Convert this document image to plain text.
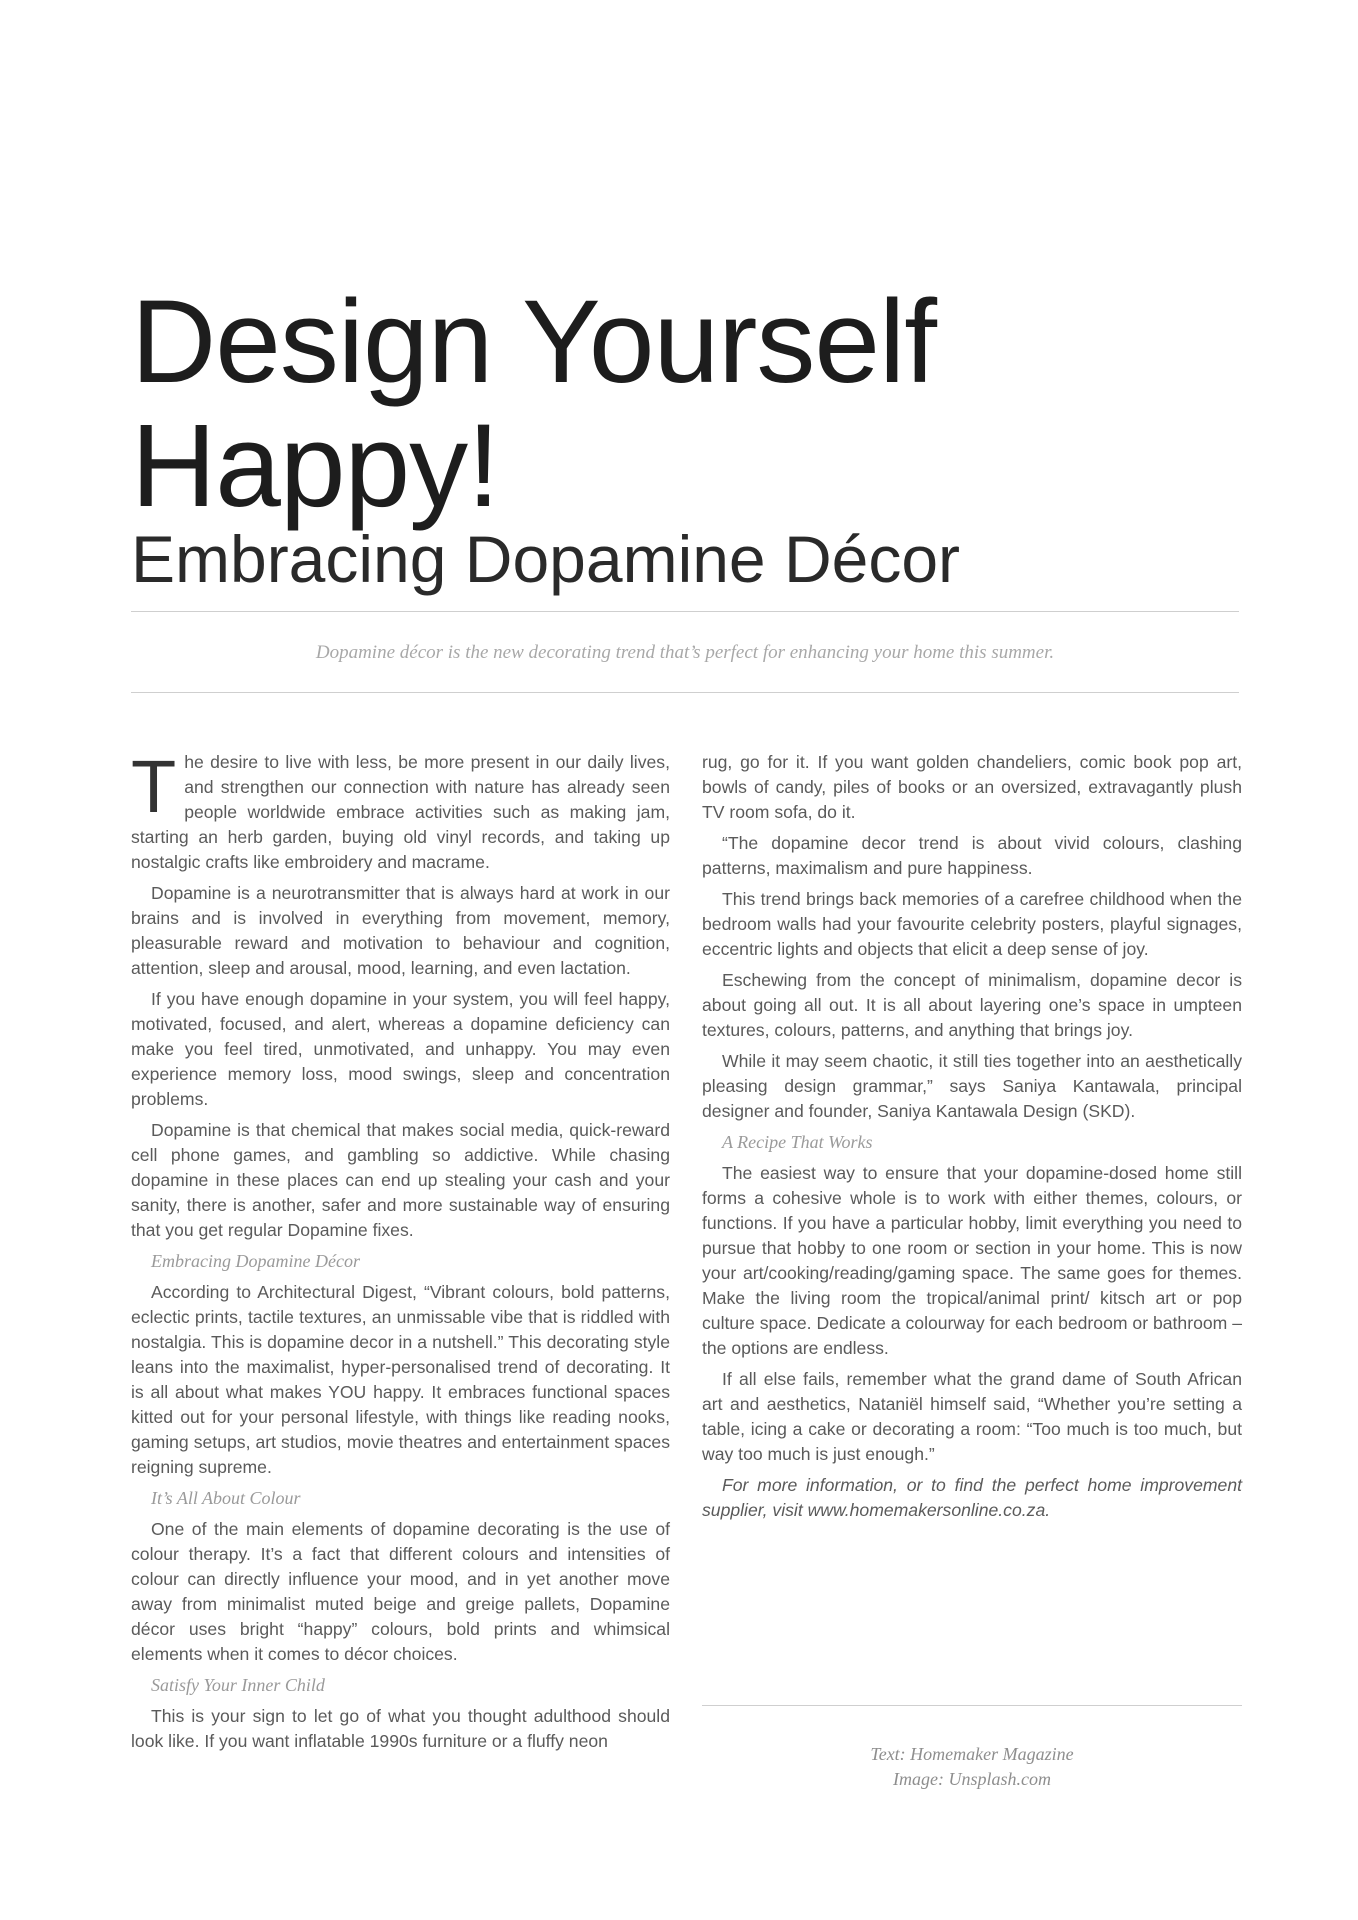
Design Yourself
Happy!
Embracing Dopamine Décor

Dopamine décor is the new decorating trend that’s perfect for enhancing your home this summer.

The desire to live with less, be more present in our daily lives, and strengthen our connection with nature has already seen people worldwide embrace activities such as making jam, starting an herb garden, buying old vinyl records, and taking up nostalgic crafts like embroidery and macrame.

Dopamine is a neurotransmitter that is always hard at work in our brains and is involved in everything from movement, memory, pleasurable reward and motivation to behaviour and cognition, attention, sleep and arousal, mood, learning, and even lactation.

If you have enough dopamine in your system, you will feel happy, motivated, focused, and alert, whereas a dopamine deficiency can make you feel tired, unmotivated, and unhappy. You may even experience memory loss, mood swings, sleep and concentration problems.

Dopamine is that chemical that makes social media, quick-reward cell phone games, and gambling so addictive. While chasing dopamine in these places can end up stealing your cash and your sanity, there is another, safer and more sustainable way of ensuring that you get regular Dopamine fixes.

Embracing Dopamine Décor

According to Architectural Digest, “Vibrant colours, bold patterns, eclectic prints, tactile textures, an unmissable vibe that is riddled with nostalgia. This is dopamine decor in a nutshell.” This decorating style leans into the maximalist, hyper-personalised trend of decorating. It is all about what makes YOU happy. It embraces functional spaces kitted out for your personal lifestyle, with things like reading nooks, gaming setups, art studios, movie theatres and entertainment spaces reigning supreme.

It’s All About Colour

One of the main elements of dopamine decorating is the use of colour therapy. It’s a fact that different colours and intensities of colour can directly influence your mood, and in yet another move away from minimalist muted beige and greige pallets, Dopamine décor uses bright “happy” colours, bold prints and whimsical elements when it comes to décor choices.

Satisfy Your Inner Child

This is your sign to let go of what you thought adulthood should look like. If you want inflatable 1990s furniture or a fluffy neon

rug, go for it. If you want golden chandeliers, comic book pop art, bowls of candy, piles of books or an oversized, extravagantly plush TV room sofa, do it.

“The dopamine decor trend is about vivid colours, clashing patterns, maximalism and pure happiness.

This trend brings back memories of a carefree childhood when the bedroom walls had your favourite celebrity posters, playful signages, eccentric lights and objects that elicit a deep sense of joy.

Eschewing from the concept of minimalism, dopamine decor is about going all out. It is all about layering one’s space in umpteen textures, colours, patterns, and anything that brings joy.

While it may seem chaotic, it still ties together into an aesthetically pleasing design grammar,” says Saniya Kantawala, principal designer and founder, Saniya Kantawala Design (SKD).

A Recipe That Works

The easiest way to ensure that your dopamine-dosed home still forms a cohesive whole is to work with either themes, colours, or functions. If you have a particular hobby, limit everything you need to pursue that hobby to one room or section in your home. This is now your art/cooking/reading/gaming space. The same goes for themes. Make the living room the tropical/animal print/ kitsch art or pop culture space. Dedicate a colourway for each bedroom or bathroom – the options are endless.

If all else fails, remember what the grand dame of South African art and aesthetics, Nataniël himself said, “Whether you’re setting a table, icing a cake or decorating a room: “Too much is too much, but way too much is just enough.”

For more information, or to find the perfect home improvement supplier, visit www.homemakersonline.co.za.

Text: Homemaker Magazine
Image: Unsplash.com
